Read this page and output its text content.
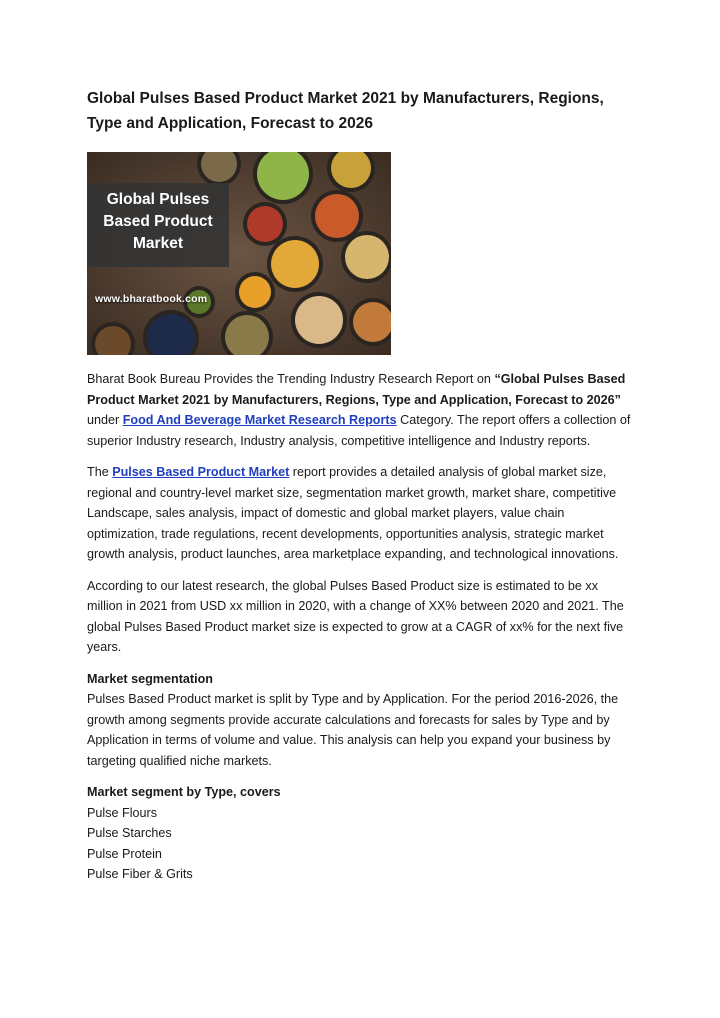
Global Pulses Based Product Market 2021 by Manufacturers, Regions, Type and Application, Forecast to 2026
Global Pulses
Based Product
Market
www.bharatbook.com

Bharat Book Bureau Provides the Trending Industry Research Report on “Global Pulses Based Product Market 2021 by Manufacturers, Regions, Type and Application, Forecast to 2026” under Food And Beverage Market Research Reports Category. The report offers a collection of superior Industry research, Industry analysis, competitive intelligence and Industry reports.

The Pulses Based Product Market report provides a detailed analysis of global market size, regional and country-level market size, segmentation market growth, market share, competitive Landscape, sales analysis, impact of domestic and global market players, value chain optimization, trade regulations, recent developments, opportunities analysis, strategic market growth analysis, product launches, area marketplace expanding, and technological innovations.

According to our latest research, the global Pulses Based Product size is estimated to be xx million in 2021 from USD xx million in 2020, with a change of XX% between 2020 and 2021. The global Pulses Based Product market size is expected to grow at a CAGR of xx% for the next five years.

Market segmentation
Pulses Based Product market is split by Type and by Application. For the period 2016-2026, the growth among segments provide accurate calculations and forecasts for sales by Type and by Application in terms of volume and value. This analysis can help you expand your business by targeting qualified niche markets.

Market segment by Type, covers
Pulse Flours
Pulse Starches
Pulse Protein
Pulse Fiber & Grits
